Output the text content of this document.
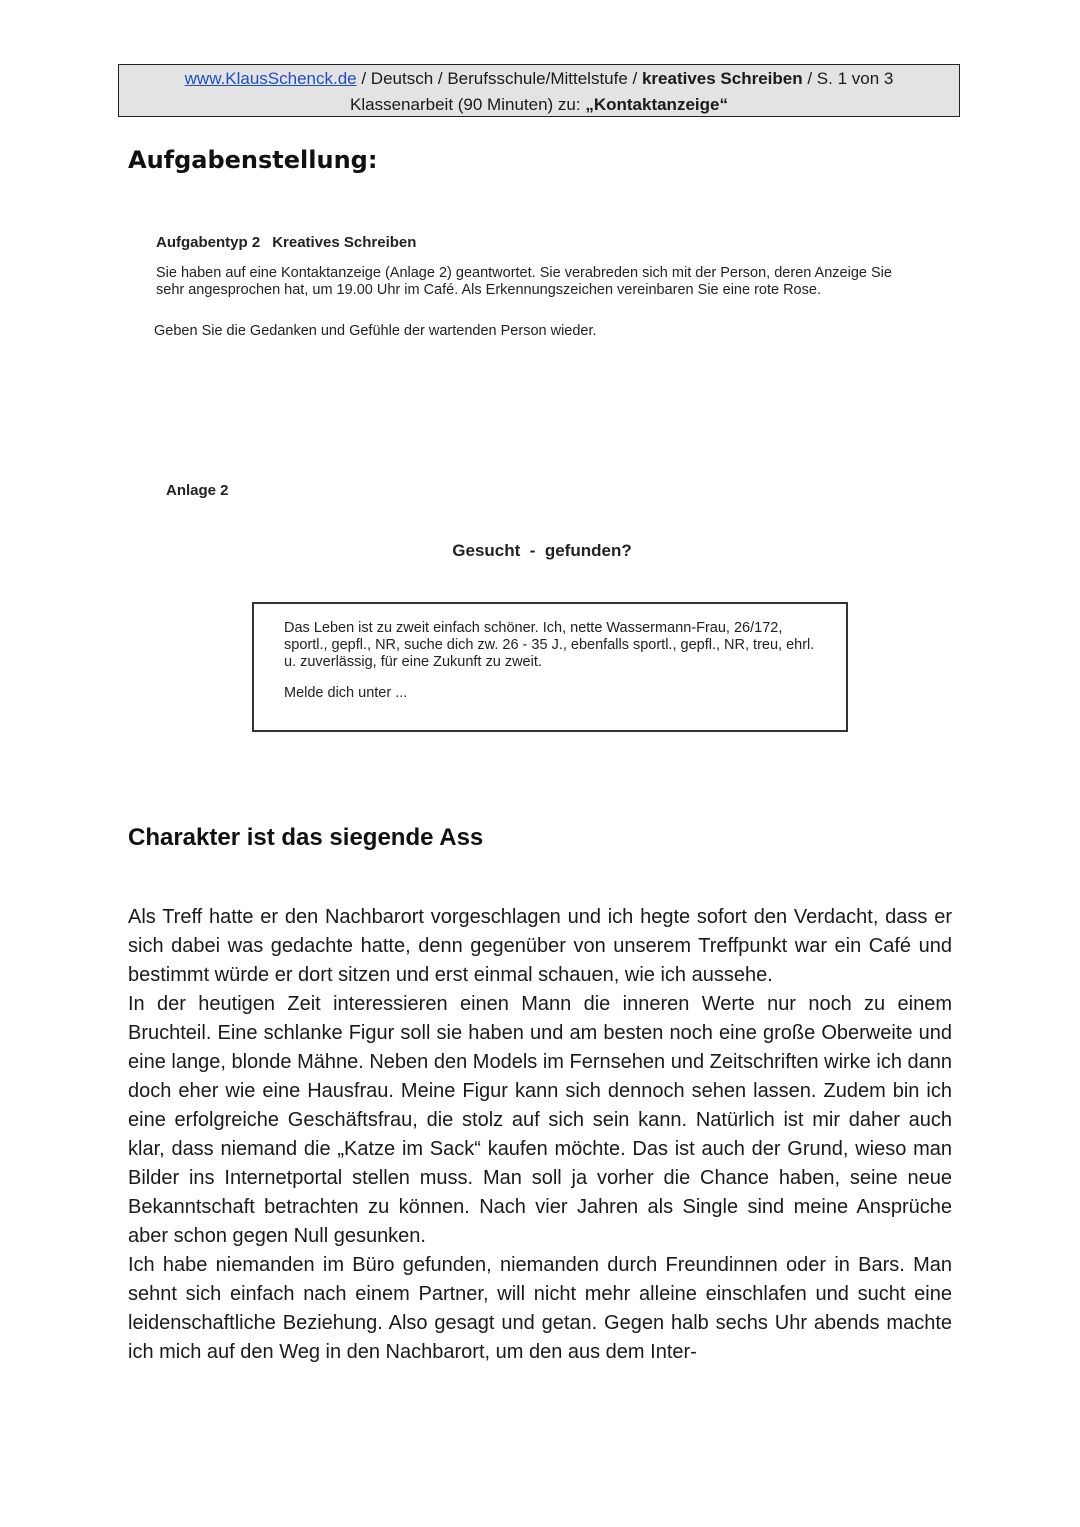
www.KlausSchenck.de / Deutsch / Berufsschule/Mittelstufe / kreatives Schreiben / S. 1 von 3
Klassenarbeit (90 Minuten) zu: „Kontaktanzeige“
Aufgabenstellung:

Aufgabentyp 2 Kreatives Schreiben

Sie haben auf eine Kontaktanzeige (Anlage 2) geantwortet. Sie verabreden sich mit der Person, deren Anzeige Sie sehr angesprochen hat, um 19.00 Uhr im Café. Als Erkennungszeichen vereinbaren Sie eine rote Rose.

Geben Sie die Gedanken und Gefühle der wartenden Person wieder.

Anlage 2

Gesucht  -  gefunden?

Das Leben ist zu zweit einfach schöner. Ich, nette Wassermann-Frau, 26/172, sportl., gepfl., NR, suche dich zw. 26 - 35 J., ebenfalls sportl., gepfl., NR, treu, ehrl. u. zuverlässig, für eine Zukunft zu zweit.

Melde dich unter ...

Charakter ist das siegende Ass

Als Treff hatte er den Nachbarort vorgeschlagen und ich hegte sofort den Verdacht, dass er sich dabei was gedachte hatte, denn gegenüber von unserem Treffpunkt war ein Café und bestimmt würde er dort sitzen und erst einmal schauen, wie ich aussehe.

In der heutigen Zeit interessieren einen Mann die inneren Werte nur noch zu einem Bruchteil. Eine schlanke Figur soll sie haben und am besten noch eine große Oberweite und eine lange, blonde Mähne. Neben den Models im Fernsehen und Zeitschriften wirke ich dann doch eher wie eine Hausfrau. Meine Figur kann sich dennoch sehen lassen. Zudem bin ich eine erfolgreiche Geschäftsfrau, die stolz auf sich sein kann. Natürlich ist mir daher auch klar, dass niemand die „Katze im Sack“ kaufen möchte. Das ist auch der Grund, wieso man Bilder ins Internetportal stellen muss. Man soll ja vorher die Chance haben, seine neue Bekanntschaft betrachten zu können. Nach vier Jahren als Single sind meine Ansprüche aber schon gegen Null gesunken.

Ich habe niemanden im Büro gefunden, niemanden durch Freundinnen oder in Bars. Man sehnt sich einfach nach einem Partner, will nicht mehr alleine einschlafen und sucht eine leidenschaftliche Beziehung. Also gesagt und getan. Gegen halb sechs Uhr abends machte ich mich auf den Weg in den Nachbarort, um den aus dem Inter-
